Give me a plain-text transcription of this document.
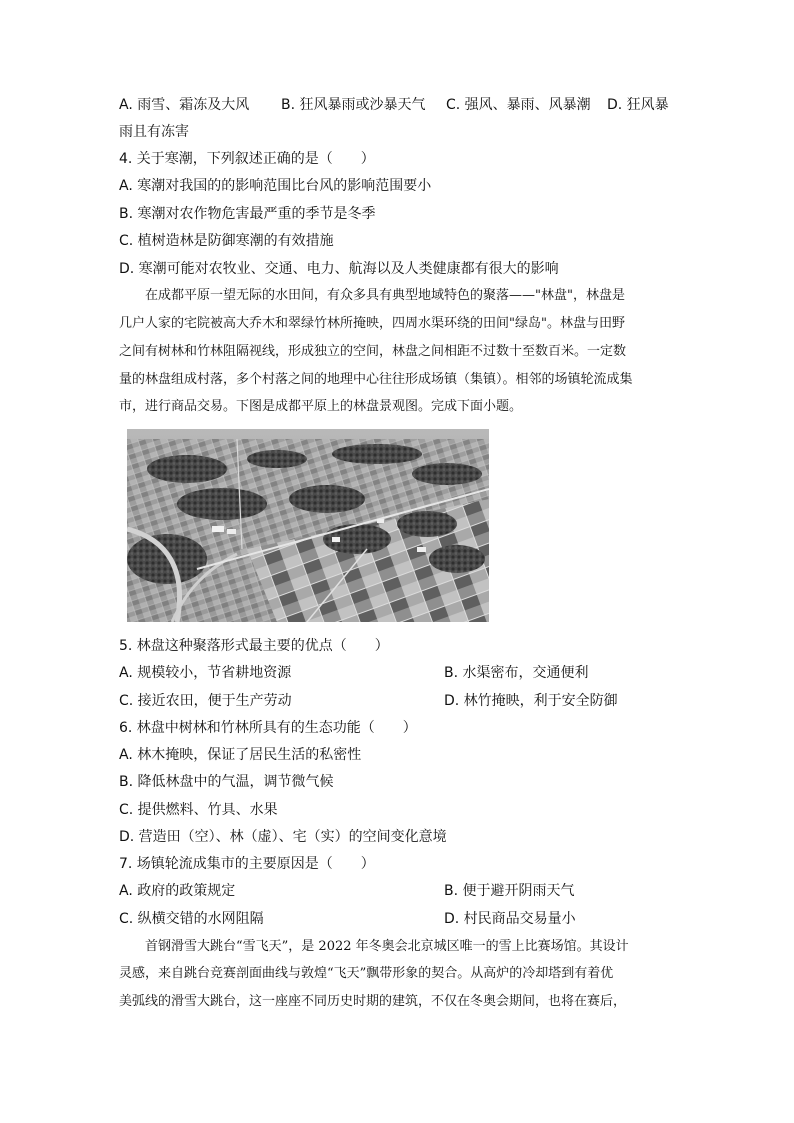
A. 雨雪、霜冻及大风 B. 狂风暴雨或沙暴天气 C. 强风、暴雨、风暴潮 D. 狂风暴
雨且有冻害
4. 关于寒潮，下列叙述正确的是（　　）
A. 寒潮对我国的的影响范围比台风的影响范围要小
B. 寒潮对农作物危害最严重的季节是冬季
C. 植树造林是防御寒潮的有效措施
D. 寒潮可能对农牧业、交通、电力、航海以及人类健康都有很大的影响
　　在成都平原一望无际的水田间，有众多具有典型地域特色的聚落——"林盘"，林盘是
几户人家的宅院被高大乔木和翠绿竹林所掩映，四周水渠环绕的田间"绿岛"。林盘与田野
之间有树林和竹林阻隔视线，形成独立的空间，林盘之间相距不过数十至数百米。一定数
量的林盘组成村落，多个村落之间的地理中心往往形成场镇（集镇）。相邻的场镇轮流成集
市，进行商品交易。下图是成都平原上的林盘景观图。完成下面小题。
5. 林盘这种聚落形式最主要的优点（　　）
A. 规模较小，节省耕地资源	B. 水渠密布，交通便利
C. 接近农田，便于生产劳动	D. 林竹掩映，利于安全防御
6. 林盘中树林和竹林所具有的生态功能（　　）
A. 林木掩映，保证了居民生活的私密性
B. 降低林盘中的气温，调节微气候
C. 提供燃料、竹具、水果
D. 营造田（空）、林（虚）、宅（实）的空间变化意境
7. 场镇轮流成集市的主要原因是（　　）
A. 政府的政策规定	B. 便于避开阴雨天气
C. 纵横交错的水网阻隔	D. 村民商品交易量小
　　首钢滑雪大跳台“雪飞天”，是 2022 年冬奥会北京城区唯一的雪上比赛场馆。其设计
灵感，来自跳台竞赛剖面曲线与敦煌“飞天”飘带形象的契合。从高炉的冷却塔到有着优
美弧线的滑雪大跳台，这一座座不同历史时期的建筑，不仅在冬奥会期间，也将在赛后，
